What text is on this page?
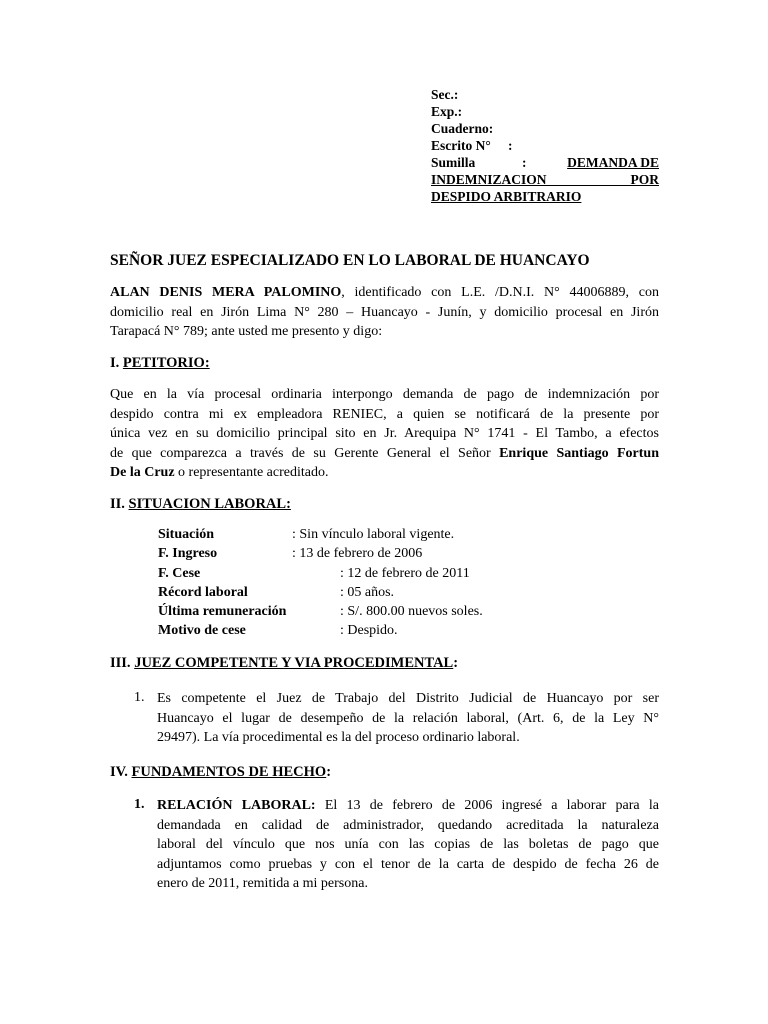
Sec.:
Exp.:
Cuaderno:
Escrito N° :
Sumilla	:	DEMANDA DE
INDEMNIZACION POR
DESPIDO ARBITRARIO
SEÑOR JUEZ ESPECIALIZADO EN LO LABORAL DE HUANCAYO
ALAN DENIS MERA PALOMINO, identificado con L.E. /D.N.I. N° 44006889, con
domicilio real en Jirón Lima N° 280 – Huancayo - Junín, y domicilio procesal en Jirón
Tarapacá N° 789; ante usted me presento y digo:
I. PETITORIO:
Que en la vía procesal ordinaria interpongo demanda de pago de indemnización por
despido contra mi ex empleadora RENIEC, a quien se notificará de la presente por
única vez en su domicilio principal sito en Jr. Arequipa N° 1741 - El Tambo, a efectos
de que comparezca a través de su Gerente General el Señor Enrique Santiago Fortun
De la Cruz o representante acreditado.
II. SITUACION LABORAL:
Situación	: Sin vínculo laboral vigente.
F. Ingreso	: 13 de febrero de 2006
F. Cese	: 12 de febrero de 2011
Récord laboral	: 05 años.
Última remuneración	: S/. 800.00 nuevos soles.
Motivo de cese	: Despido.
III. JUEZ COMPETENTE Y VIA PROCEDIMENTAL:
1. Es competente el Juez de Trabajo del Distrito Judicial de Huancayo por ser
Huancayo el lugar de desempeño de la relación laboral, (Art. 6, de la Ley N°
29497). La vía procedimental es la del proceso ordinario laboral.
IV. FUNDAMENTOS DE HECHO:
1. RELACIÓN LABORAL: El 13 de febrero de 2006 ingresé a laborar para la
demandada en calidad de administrador, quedando acreditada la naturaleza
laboral del vínculo que nos unía con las copias de las boletas de pago que
adjuntamos como pruebas y con el tenor de la carta de despido de fecha 26 de
enero de 2011, remitida a mi persona.
